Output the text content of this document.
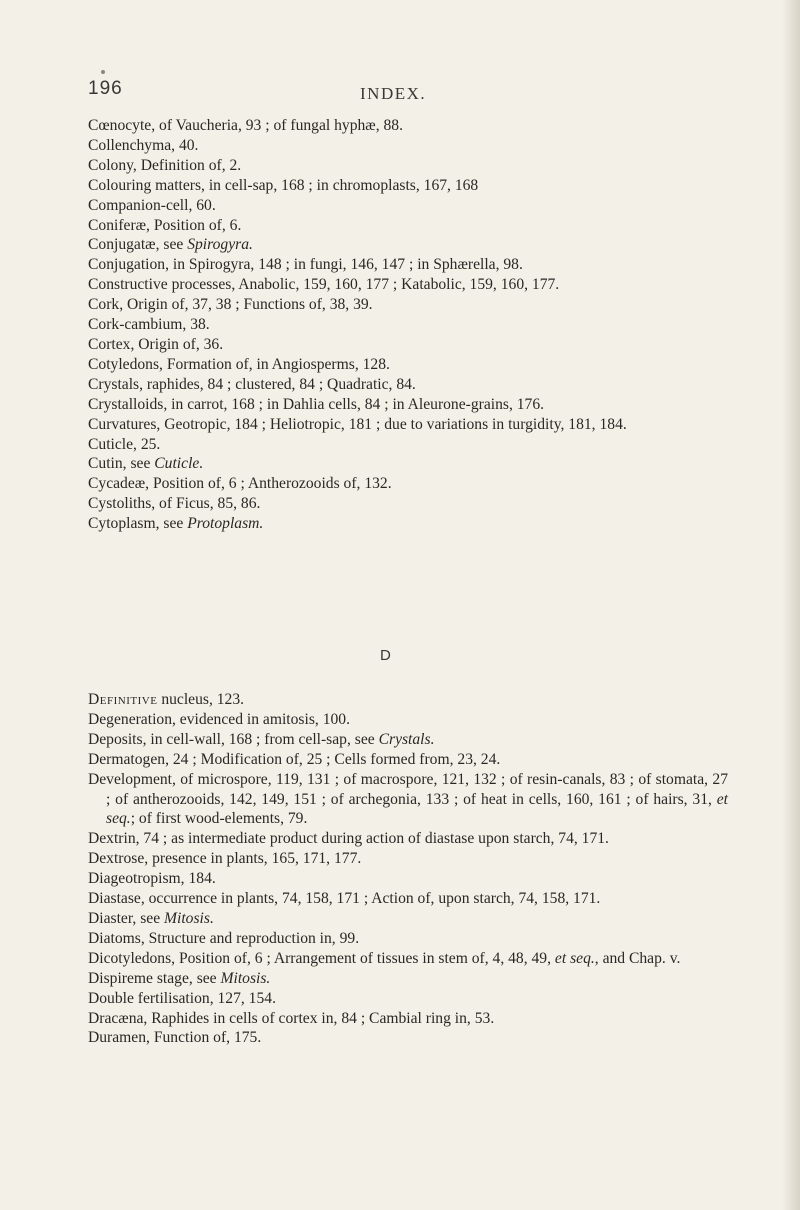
196	INDEX.
Cœnocyte, of Vaucheria, 93 ; of fungal hyphæ, 88.
Collenchyma, 40.
Colony, Definition of, 2.
Colouring matters, in cell-sap, 168 ; in chromoplasts, 167, 168
Companion-cell, 60.
Coniferæ, Position of, 6.
Conjugatæ, see Spirogyra.
Conjugation, in Spirogyra, 148 ; in fungi, 146, 147 ; in Sphærella, 98.
Constructive processes, Anabolic, 159, 160, 177 ; Katabolic, 159, 160, 177.
Cork, Origin of, 37, 38 ; Functions of, 38, 39.
Cork-cambium, 38.
Cortex, Origin of, 36.
Cotyledons, Formation of, in Angiosperms, 128.
Crystals, raphides, 84 ; clustered, 84 ; Quadratic, 84.
Crystalloids, in carrot, 168 ; in Dahlia cells, 84 ; in Aleurone-grains, 176.
Curvatures, Geotropic, 184 ; Heliotropic, 181 ; due to variations in turgidity, 181, 184.
Cuticle, 25.
Cutin, see Cuticle.
Cycadeæ, Position of, 6 ; Antherozooids of, 132.
Cystoliths, of Ficus, 85, 86.
Cytoplasm, see Protoplasm.
D
Definitive nucleus, 123.
Degeneration, evidenced in amitosis, 100.
Deposits, in cell-wall, 168 ; from cell-sap, see Crystals.
Dermatogen, 24 ; Modification of, 25 ; Cells formed from, 23, 24.
Development, of microspore, 119, 131 ; of macrospore, 121, 132 ; of resin-canals, 83 ; of stomata, 27 ; of antherozooids, 142, 149, 151 ; of archegonia, 133 ; of heat in cells, 160, 161 ; of hairs, 31, et seq.; of first wood-elements, 79.
Dextrin, 74 ; as intermediate product during action of diastase upon starch, 74, 171.
Dextrose, presence in plants, 165, 171, 177.
Diageotropism, 184.
Diastase, occurrence in plants, 74, 158, 171 ; Action of, upon starch, 74, 158, 171.
Diaster, see Mitosis.
Diatoms, Structure and reproduction in, 99.
Dicotyledons, Position of, 6 ; Arrangement of tissues in stem of, 4, 48, 49, et seq., and Chap. v.
Dispireme stage, see Mitosis.
Double fertilisation, 127, 154.
Dracæna, Raphides in cells of cortex in, 84 ; Cambial ring in, 53.
Duramen, Function of, 175.
